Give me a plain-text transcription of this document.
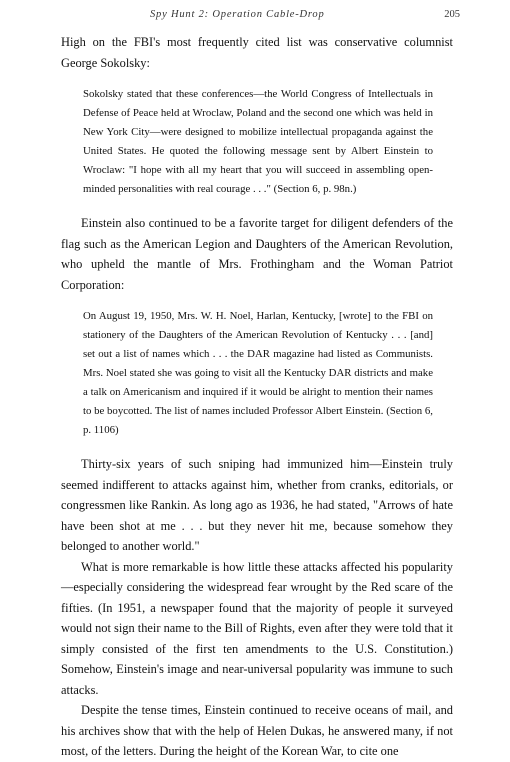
Spy Hunt 2: Operation Cable-Drop	205

High on the FBI's most frequently cited list was conservative columnist George Sokolsky:

Sokolsky stated that these conferences—the World Congress of Intellectuals in Defense of Peace held at Wroclaw, Poland and the second one which was held in New York City—were designed to mobilize intellectual propaganda against the United States. He quoted the following message sent by Albert Einstein to Wroclaw: "I hope with all my heart that you will succeed in assembling open-minded personalities with real courage . . ." (Section 6, p. 98n.)

Einstein also continued to be a favorite target for diligent defenders of the flag such as the American Legion and Daughters of the American Revolution, who upheld the mantle of Mrs. Frothingham and the Woman Patriot Corporation:

On August 19, 1950, Mrs. W. H. Noel, Harlan, Kentucky, [wrote] to the FBI on stationery of the Daughters of the American Revolution of Kentucky . . . [and] set out a list of names which . . . the DAR magazine had listed as Communists. Mrs. Noel stated she was going to visit all the Kentucky DAR districts and make a talk on Americanism and inquired if it would be alright to mention their names to be boycotted. The list of names included Professor Albert Einstein. (Section 6, p. 1106)

Thirty-six years of such sniping had immunized him—Einstein truly seemed indifferent to attacks against him, whether from cranks, editorials, or congressmen like Rankin. As long ago as 1936, he had stated, "Arrows of hate have been shot at me . . . but they never hit me, because somehow they belonged to another world."

What is more remarkable is how little these attacks affected his popularity—especially considering the widespread fear wrought by the Red scare of the fifties. (In 1951, a newspaper found that the majority of people it surveyed would not sign their name to the Bill of Rights, even after they were told that it simply consisted of the first ten amendments to the U.S. Constitution.) Somehow, Einstein's image and near-universal popularity was immune to such attacks.

Despite the tense times, Einstein continued to receive oceans of mail, and his archives show that with the help of Helen Dukas, he answered many, if not most, of the letters. During the height of the Korean War, to cite one
